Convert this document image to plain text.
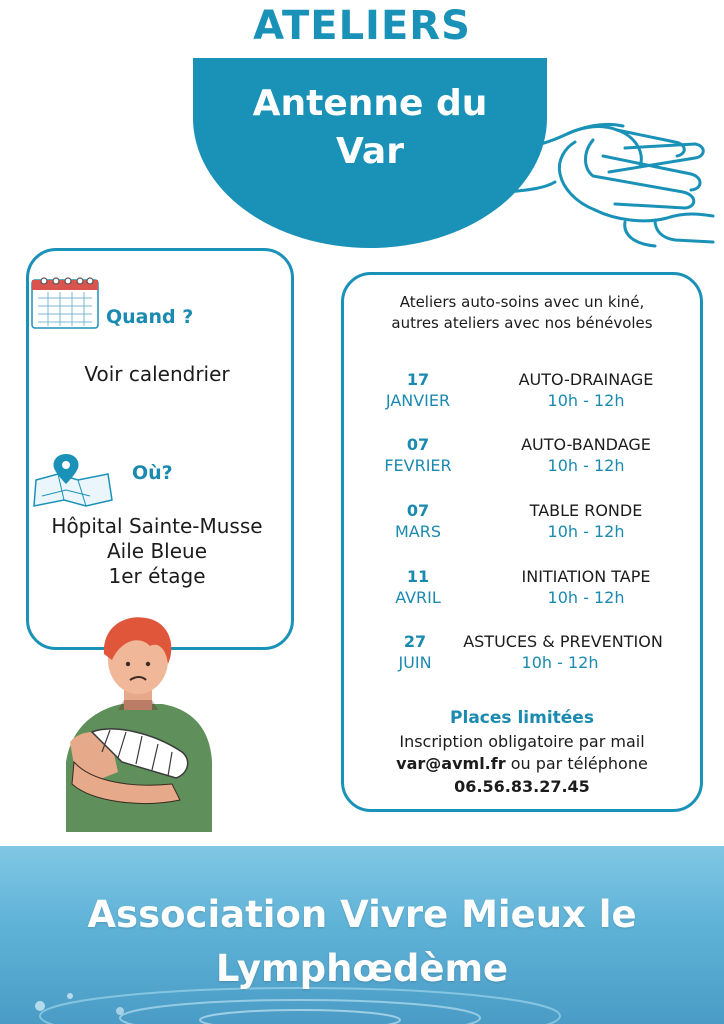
ATELIERS
Antenne du
Var
Quand ?
Voir calendrier
Où?
Hôpital Sainte-Musse
Aile Bleue
1er étage
Ateliers auto-soins avec un kiné,
autres ateliers avec nos bénévoles
17
JANVIER
AUTO-DRAINAGE
10h - 12h
07
FEVRIER
AUTO-BANDAGE
10h - 12h
07
MARS
TABLE RONDE
10h - 12h
11
AVRIL
INITIATION TAPE
10h - 12h
27
JUIN
ASTUCES & PREVENTION
10h - 12h
Places limitées
Inscription obligatoire par mail
var@avml.fr ou par téléphone
06.56.83.27.45
Association Vivre Mieux le
Lymphœdème
